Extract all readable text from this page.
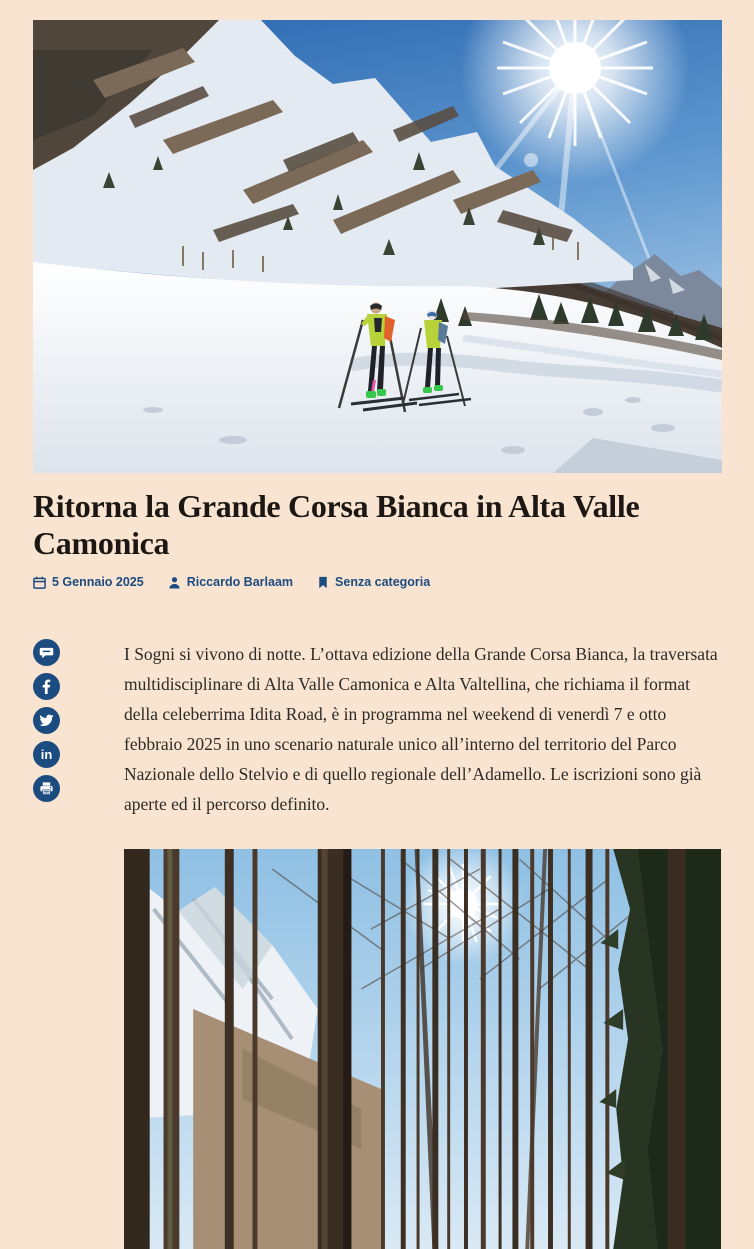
Ritorna la Grande Corsa Bianca in Alta Valle Camonica
5 Gennaio 2025	Riccardo Barlaam	Senza categoria
in

I Sogni si vivono di notte. L’ottava edizione della Grande Corsa Bianca, la traversata multidisciplinare di Alta Valle Camonica e Alta Valtellina, che richiama il format della celeberrima Idita Road, è in programma nel weekend di venerdì 7 e otto febbraio 2025 in uno scenario naturale unico all’interno del territorio del Parco Nazionale dello Stelvio e di quello regionale dell’Adamello. Le iscrizioni sono già aperte ed il percorso definito.
